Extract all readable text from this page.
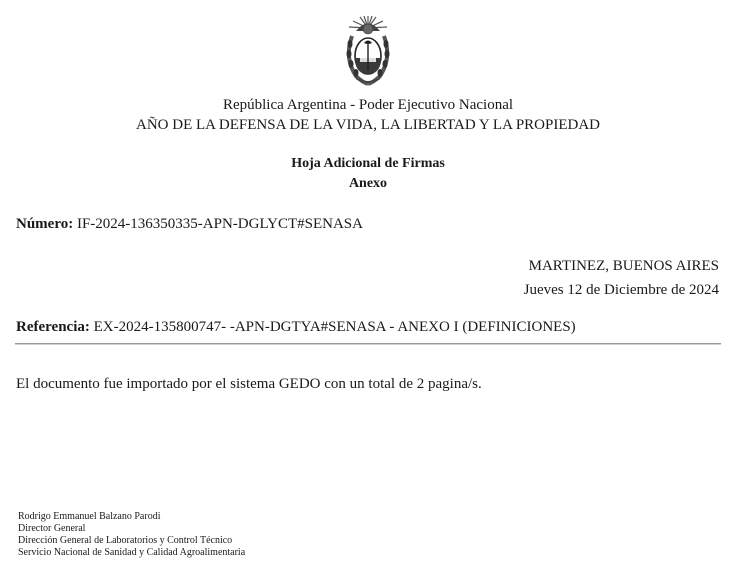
República Argentina - Poder Ejecutivo Nacional
AÑO DE LA DEFENSA DE LA VIDA, LA LIBERTAD Y LA PROPIEDAD
Hoja Adicional de Firmas
Anexo
Número: IF-2024-136350335-APN-DGLYCT#SENASA
MARTINEZ, BUENOS AIRES
Jueves 12 de Diciembre de 2024
Referencia: EX-2024-135800747- -APN-DGTYA#SENASA - ANEXO I (DEFINICIONES)
El documento fue importado por el sistema GEDO con un total de 2 pagina/s.
Rodrigo Emmanuel Balzano Parodi
Director General
Dirección General de Laboratorios y Control Técnico
Servicio Nacional de Sanidad y Calidad Agroalimentaria
